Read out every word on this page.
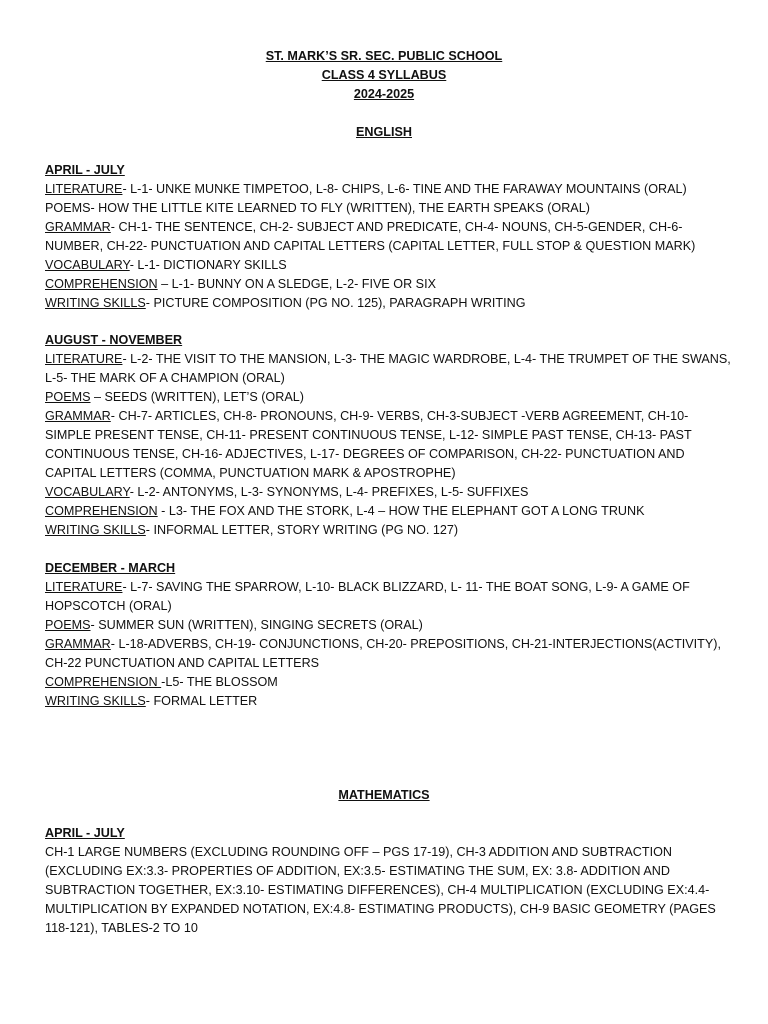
ST. MARK’S SR. SEC. PUBLIC SCHOOL
CLASS 4 SYLLABUS
2024-2025
ENGLISH
APRIL - JULY
LITERATURE- L-1- UNKE MUNKE TIMPETOO, L-8- CHIPS, L-6- TINE AND THE FARAWAY MOUNTAINS (ORAL)
POEMS- HOW THE LITTLE KITE LEARNED TO FLY (WRITTEN), THE EARTH SPEAKS (ORAL)
GRAMMAR- CH-1- THE SENTENCE, CH-2- SUBJECT AND PREDICATE, CH-4- NOUNS, CH-5-GENDER, CH-6- NUMBER, CH-22- PUNCTUATION AND CAPITAL LETTERS (CAPITAL LETTER, FULL STOP & QUESTION MARK)
VOCABULARY- L-1- DICTIONARY SKILLS
COMPREHENSION – L-1- BUNNY ON A SLEDGE, L-2- FIVE OR SIX
WRITING SKILLS- PICTURE COMPOSITION (PG NO. 125), PARAGRAPH WRITING
AUGUST - NOVEMBER
LITERATURE- L-2- THE VISIT TO THE MANSION, L-3- THE MAGIC WARDROBE, L-4- THE TRUMPET OF THE SWANS, L-5- THE MARK OF A CHAMPION (ORAL)
POEMS – SEEDS (WRITTEN), LET’S (ORAL)
GRAMMAR- CH-7- ARTICLES, CH-8- PRONOUNS, CH-9- VERBS, CH-3-SUBJECT -VERB AGREEMENT, CH-10- SIMPLE PRESENT TENSE, CH-11- PRESENT CONTINUOUS TENSE, L-12- SIMPLE PAST TENSE, CH-13- PAST CONTINUOUS TENSE, CH-16- ADJECTIVES, L-17- DEGREES OF COMPARISON, CH-22- PUNCTUATION AND CAPITAL LETTERS (COMMA, PUNCTUATION MARK & APOSTROPHE)
VOCABULARY- L-2- ANTONYMS, L-3- SYNONYMS, L-4- PREFIXES, L-5- SUFFIXES
COMPREHENSION - L3- THE FOX AND THE STORK, L-4 – HOW THE ELEPHANT GOT A LONG TRUNK
WRITING SKILLS- INFORMAL LETTER, STORY WRITING (PG NO. 127)
DECEMBER - MARCH
LITERATURE- L-7- SAVING THE SPARROW, L-10- BLACK BLIZZARD, L- 11- THE BOAT SONG, L-9- A GAME OF HOPSCOTCH (ORAL)
POEMS- SUMMER SUN (WRITTEN), SINGING SECRETS (ORAL)
GRAMMAR- L-18-ADVERBS, CH-19- CONJUNCTIONS, CH-20- PREPOSITIONS, CH-21-INTERJECTIONS(ACTIVITY), CH-22 PUNCTUATION AND CAPITAL LETTERS
COMPREHENSION -L5- THE BLOSSOM
WRITING SKILLS- FORMAL LETTER
MATHEMATICS
APRIL - JULY
CH-1 LARGE NUMBERS (EXCLUDING ROUNDING OFF – PGS 17-19), CH-3 ADDITION AND SUBTRACTION (EXCLUDING EX:3.3- PROPERTIES OF ADDITION, EX:3.5- ESTIMATING THE SUM, EX: 3.8- ADDITION AND SUBTRACTION TOGETHER, EX:3.10- ESTIMATING DIFFERENCES), CH-4 MULTIPLICATION (EXCLUDING EX:4.4- MULTIPLICATION BY EXPANDED NOTATION, EX:4.8- ESTIMATING PRODUCTS), CH-9 BASIC GEOMETRY (PAGES 118-121), TABLES-2 TO 10
